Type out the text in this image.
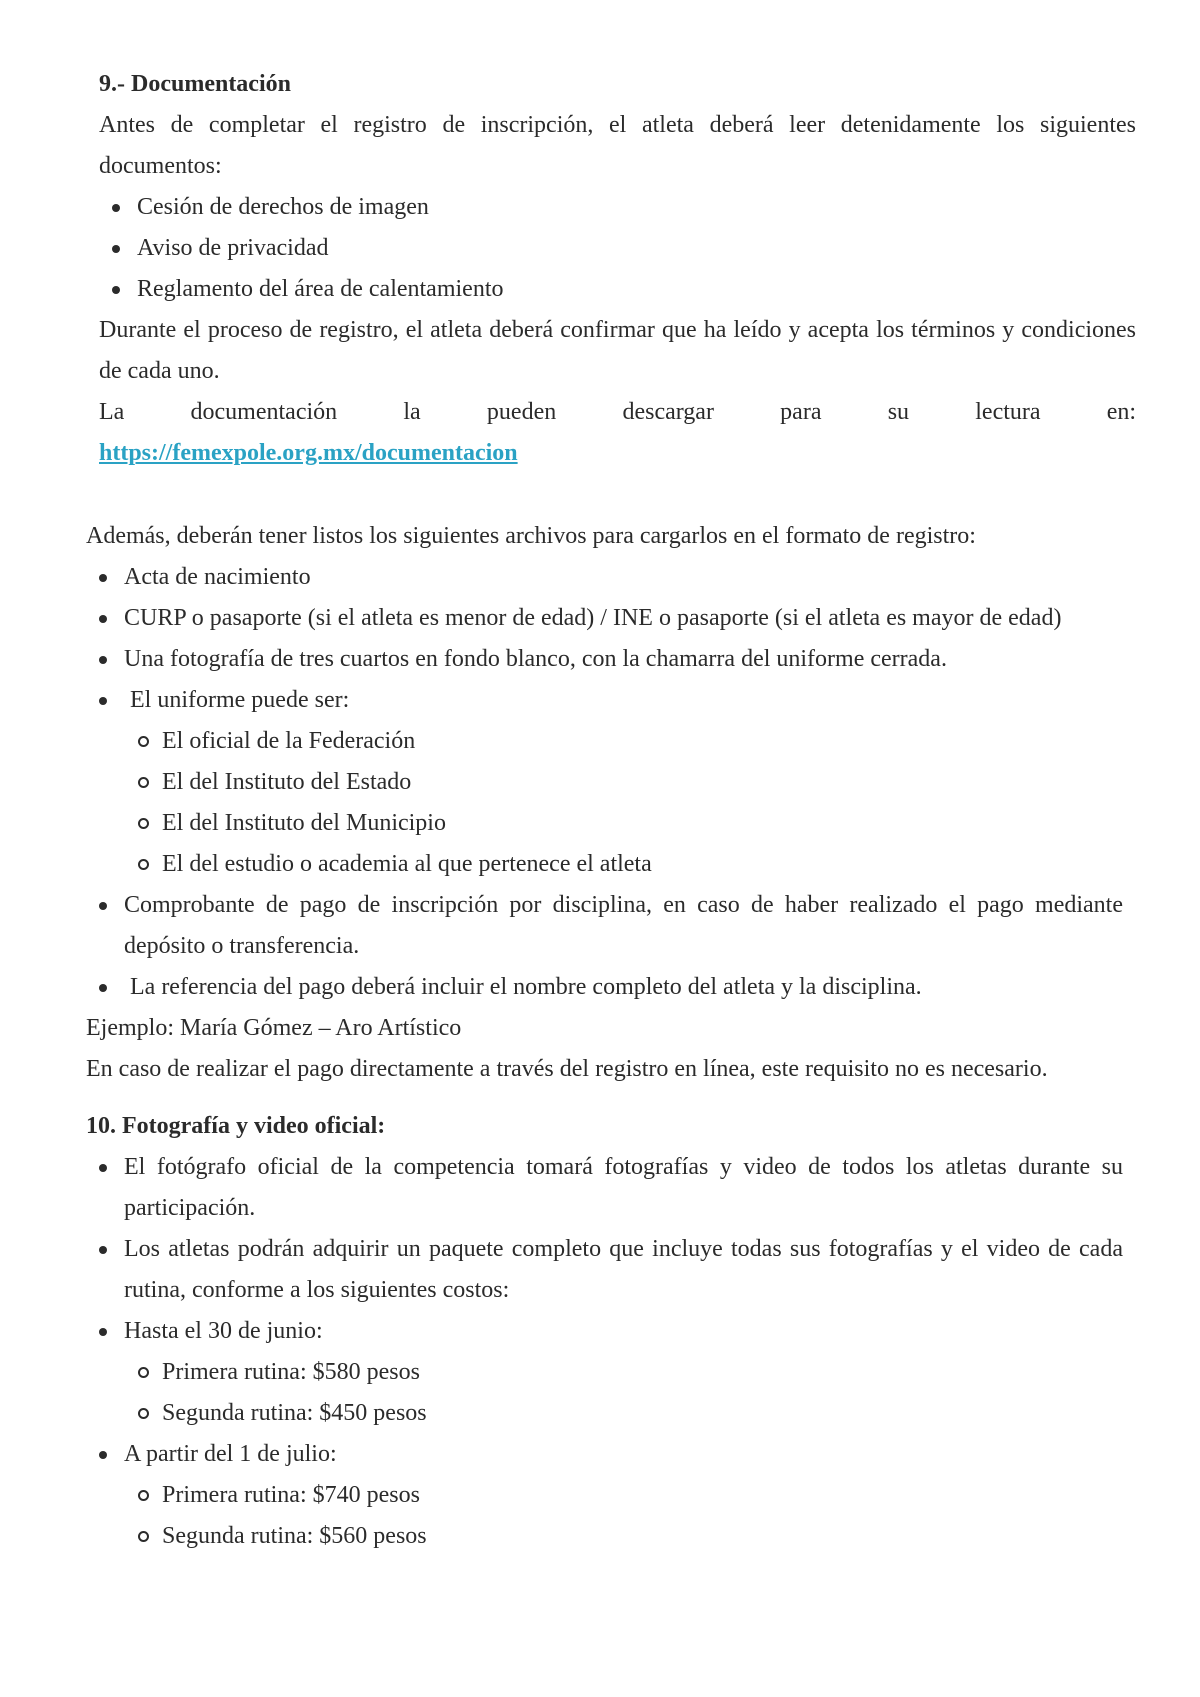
9.- Documentación

Antes de completar el registro de inscripción, el atleta deberá leer detenidamente los siguientes documentos:

Cesión de derechos de imagen
Aviso de privacidad
Reglamento del área de calentamiento

Durante el proceso de registro, el atleta deberá confirmar que ha leído y acepta los términos y condiciones de cada uno.

La	documentación	la	pueden	descargar	para	su	lectura	en:

https://femexpole.org.mx/documentacion

Además, deberán tener listos los siguientes archivos para cargarlos en el formato de registro:

Acta de nacimiento
CURP o pasaporte (si el atleta es menor de edad) / INE o pasaporte (si el atleta es mayor de edad)
Una fotografía de tres cuartos en fondo blanco, con la chamarra del uniforme cerrada.
El uniforme puede ser:
El oficial de la Federación
El del Instituto del Estado
El del Instituto del Municipio
El del estudio o academia al que pertenece el atleta
Comprobante de pago de inscripción por disciplina, en caso de haber realizado el pago mediante depósito o transferencia.
La referencia del pago deberá incluir el nombre completo del atleta y la disciplina.

Ejemplo: María Gómez – Aro Artístico

En caso de realizar el pago directamente a través del registro en línea, este requisito no es necesario.

10. Fotografía y video oficial:

El fotógrafo oficial de la competencia tomará fotografías y video de todos los atletas durante su participación.
Los atletas podrán adquirir un paquete completo que incluye todas sus fotografías y el video de cada rutina, conforme a los siguientes costos:
Hasta el 30 de junio:
Primera rutina: $580 pesos
Segunda rutina: $450 pesos
A partir del 1 de julio:
Primera rutina: $740 pesos
Segunda rutina: $560 pesos
